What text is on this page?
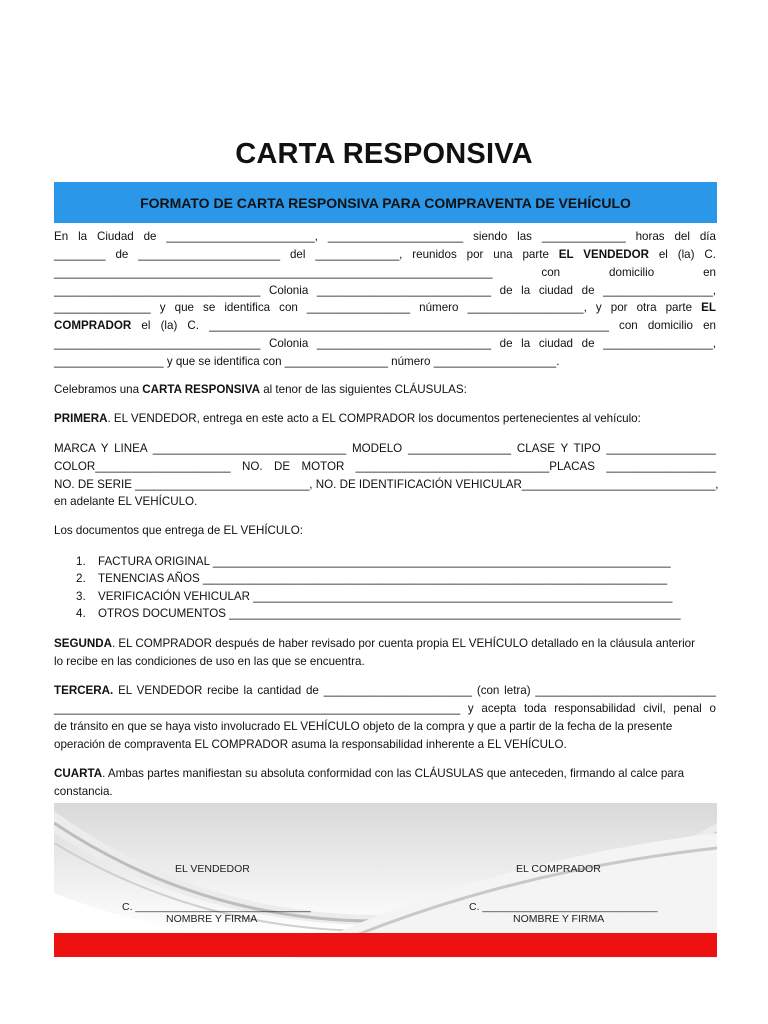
CARTA RESPONSIVA
FORMATO DE CARTA RESPONSIVA PARA COMPRAVENTA DE VEHÍCULO
En la Ciudad de _______________________, _____________________ siendo las _____________ horas del día
________ de ______________________ del _____________, reunidos por una parte EL VENDEDOR el (la) C.
____________________________________________________________________	con	domicilio	en
________________________________ Colonia ___________________________ de la ciudad de _________________,
_______________ y que se identifica con ________________ número __________________, y por otra parte EL
COMPRADOR el (la) C. ______________________________________________________________ con domicilio en
________________________________ Colonia ___________________________ de la ciudad de _________________,
_________________ y que se identifica con ________________ número ___________________.
Celebramos una CARTA RESPONSIVA al tenor de las siguientes CLÁUSULAS:
PRIMERA. EL VENDEDOR, entrega en este acto a EL COMPRADOR los documentos pertenecientes al vehículo:
MARCA Y LINEA ______________________________ MODELO ________________ CLASE Y TIPO _________________
COLOR_____________________ NO. DE MOTOR ______________________________PLACAS _________________
NO. DE SERIE ___________________________, NO. DE IDENTIFICACIÓN VEHICULAR______________________________,
en adelante EL VEHÍCULO.
Los documentos que entrega de EL VEHÍCULO:
1. FACTURA ORIGINAL _______________________________________________________________________
2. TENENCIAS AÑOS ________________________________________________________________________
3. VERIFICACIÓN VEHICULAR _________________________________________________________________
4. OTROS DOCUMENTOS ______________________________________________________________________
SEGUNDA. EL COMPRADOR después de haber revisado por cuenta propia EL VEHÍCULO detallado en la cláusula anterior
lo recibe en las condiciones de uso en las que se encuentra.
TERCERA. EL VENDEDOR recibe la cantidad de _______________________ (con letra) ____________________________
_______________________________________________________________ y acepta toda responsabilidad civil, penal o
de tránsito en que se haya visto involucrado EL VEHÍCULO objeto de la compra y que a partir de la fecha de la presente
operación de compraventa EL COMPRADOR asuma la responsabilidad inherente a EL VEHÍCULO.
CUARTA. Ambas partes manifiestan su absoluta conformidad con las CLÁUSULAS que anteceden, firmando al calce para
constancia.
EL VENDEDOR
C. ______________________________
NOMBRE Y FIRMA
EL COMPRADOR
C. ______________________________
NOMBRE Y FIRMA
